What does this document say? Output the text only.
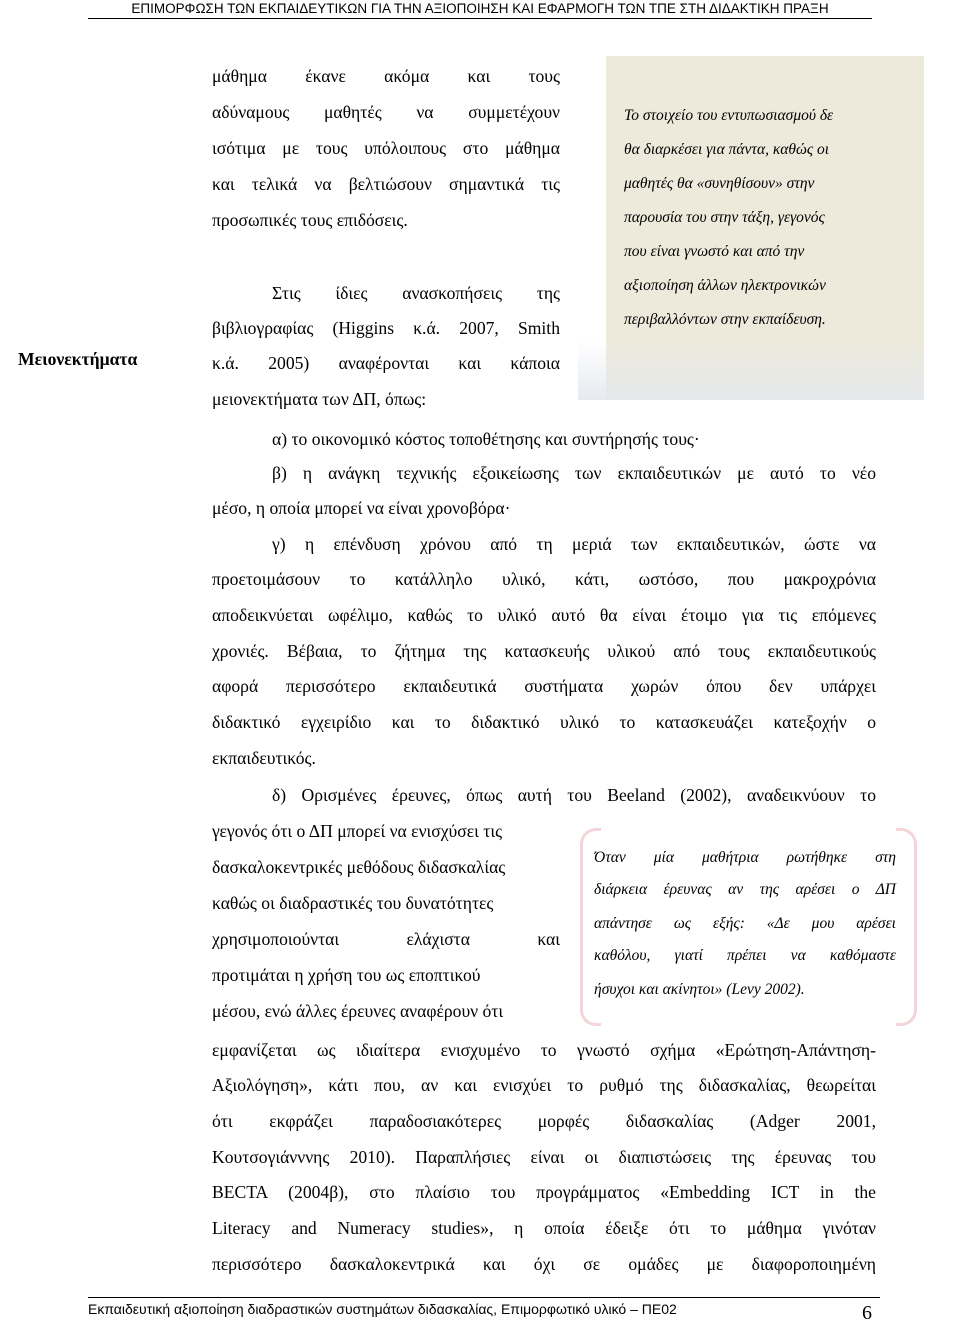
ΕΠΙΜΟΡΦΩΣΗ ΤΩΝ ΕΚΠΑΙΔΕΥΤΙΚΩΝ ΓΙΑ ΤΗΝ ΑΞΙΟΠΟΙΗΣΗ ΚΑΙ ΕΦΑΡΜΟΓΗ ΤΩΝ ΤΠΕ ΣΤΗ ΔΙΔΑΚΤΙΚΗ ΠΡΑΞΗ
Μειονεκτήματα
μάθημα έκανε ακόμα και τους
αδύναμους μαθητές να συμμετέχουν
ισότιμα με τους υπόλοιπους στο μάθημα
και τελικά να βελτιώσουν σημαντικά τις
προσωπικές τους επιδόσεις.
Στις ίδιες ανασκοπήσεις της
βιβλιογραφίας (Higgins κ.ά. 2007, Smith
κ.ά. 2005) αναφέρονται και κάποια
μειονεκτήματα των ΔΠ, όπως:
Το στοιχείο του εντυπωσιασμού δε
θα διαρκέσει για πάντα, καθώς οι
μαθητές θα «συνηθίσουν» στην
παρουσία του στην τάξη, γεγονός
που είναι γνωστό και από την
αξιοποίηση άλλων ηλεκτρονικών
περιβαλλόντων στην εκπαίδευση.
α) το οικονομικό κόστος τοποθέτησης και συντήρησής τους·
β) η ανάγκη τεχνικής εξοικείωσης των εκπαιδευτικών με αυτό το νέο
μέσο, η οποία μπορεί να είναι χρονοβόρα·
γ) η επένδυση χρόνου από τη μεριά των εκπαιδευτικών, ώστε να
προετοιμάσουν το κατάλληλο υλικό, κάτι, ωστόσο, που μακροχρόνια
αποδεικνύεται ωφέλιμο, καθώς το υλικό αυτό θα είναι έτοιμο για τις επόμενες
χρονιές. Βέβαια, το ζήτημα της κατασκευής υλικού από τους εκπαιδευτικούς
αφορά περισσότερο εκπαιδευτικά συστήματα χωρών όπου δεν υπάρχει
διδακτικό εγχειρίδιο και το διδακτικό υλικό το κατασκευάζει κατεξοχήν ο
εκπαιδευτικός.
δ) Ορισμένες έρευνες, όπως αυτή του Beeland (2002), αναδεικνύουν το
γεγονός ότι ο ΔΠ μπορεί να ενισχύσει τις
δασκαλοκεντρικές μεθόδους διδασκαλίας
καθώς οι διαδραστικές του δυνατότητες
χρησιμοποιούνται ελάχιστα και
προτιμάται η χρήση του ως εποπτικού
μέσου, ενώ άλλες έρευνες αναφέρουν ότι
Όταν μία μαθήτρια ρωτήθηκε στη
διάρκεια έρευνας αν της αρέσει ο ΔΠ
απάντησε ως εξής: «Δε μου αρέσει
καθόλου, γιατί πρέπει να καθόμαστε
ήσυχοι και ακίνητοι» (Levy 2002).
εμφανίζεται ως ιδιαίτερα ενισχυμένο το γνωστό σχήμα «Ερώτηση-Απάντηση-
Αξιολόγηση», κάτι που, αν και ενισχύει το ρυθμό της διδασκαλίας, θεωρείται
ότι εκφράζει παραδοσιακότερες μορφές διδασκαλίας (Adger 2001,
Κουτσογιάνννης 2010). Παραπλήσιες είναι οι διαπιστώσεις της έρευνας του
BECTA (2004β), στο πλαίσιο του προγράμματος «Embedding ICT in the
Literacy and Numeracy studies», η οποία έδειξε ότι το μάθημα γινόταν
περισσότερο δασκαλοκεντρικά και όχι σε ομάδες με διαφοροποιημένη
Εκπαιδευτική αξιοποίηση διαδραστικών συστημάτων διδασκαλίας, Επιμορφωτικό υλικό – ΠΕ02	6
